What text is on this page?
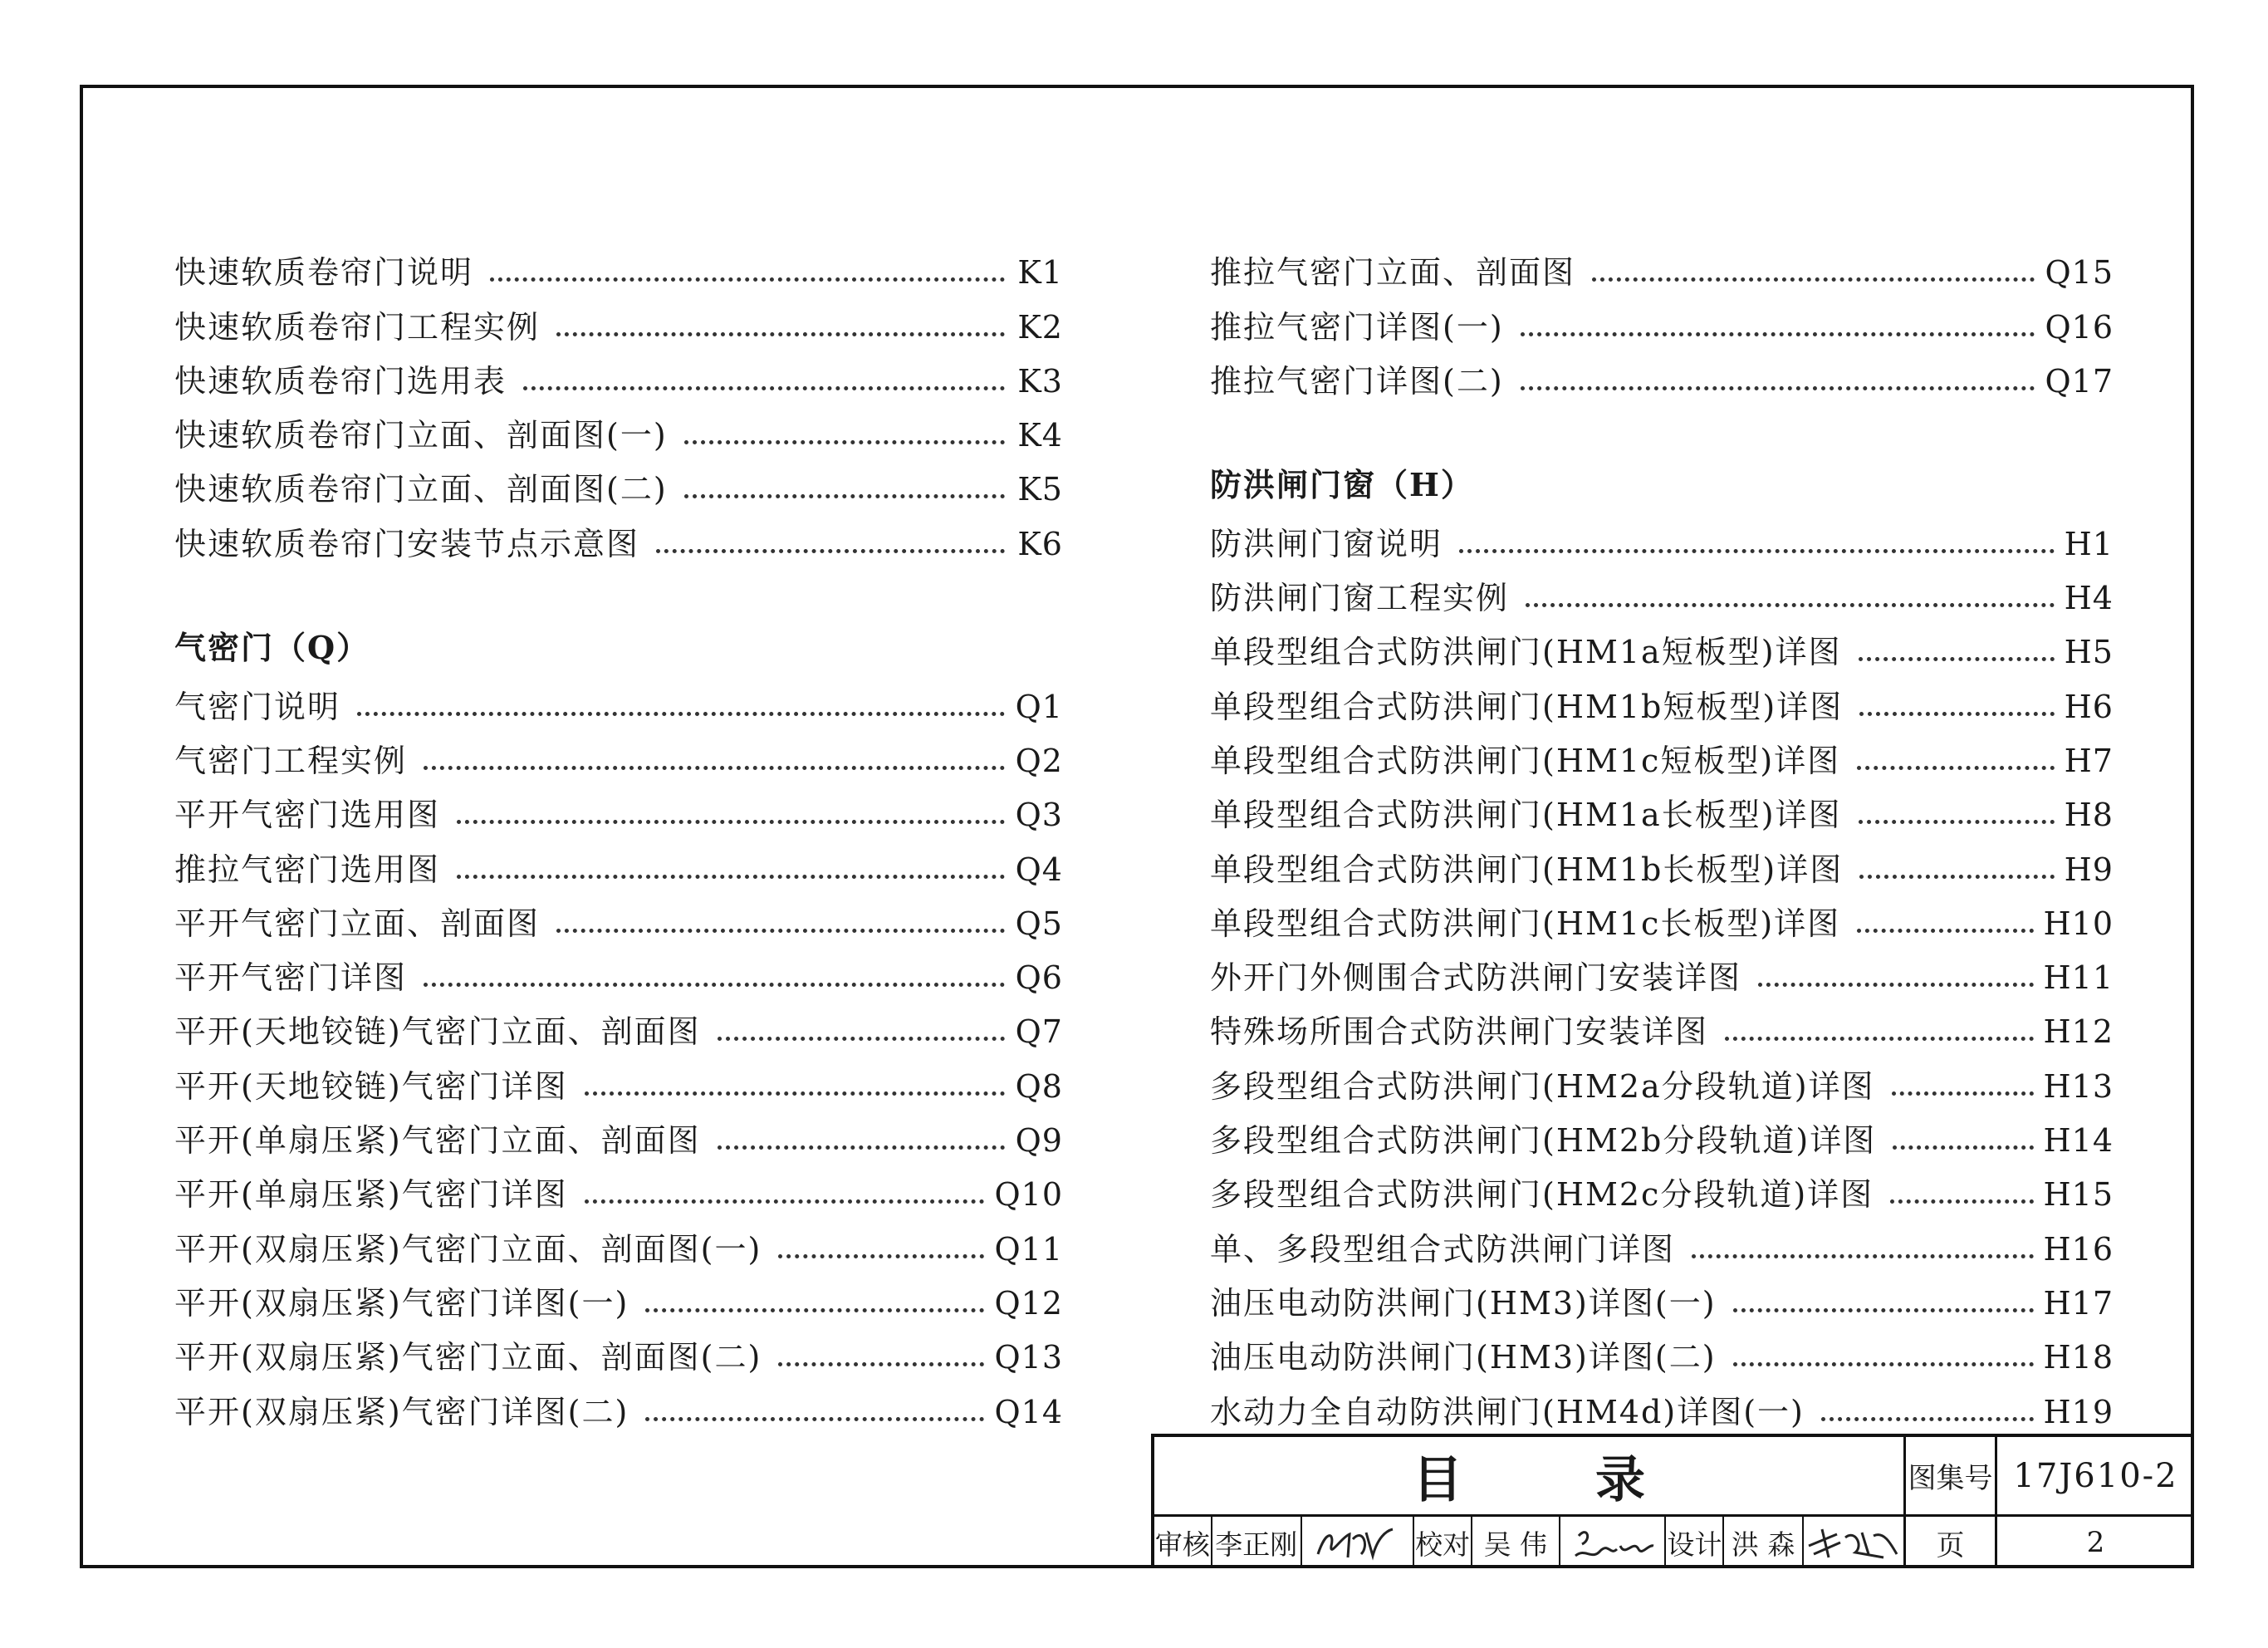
快速软质卷帘门说明	K1
快速软质卷帘门工程实例	K2
快速软质卷帘门选用表	K3
快速软质卷帘门立面、剖面图(一)	K4
快速软质卷帘门立面、剖面图(二)	K5
快速软质卷帘门安装节点示意图	K6
气密门（Q）
气密门说明	Q1
气密门工程实例	Q2
平开气密门选用图	Q3
推拉气密门选用图	Q4
平开气密门立面、剖面图	Q5
平开气密门详图	Q6
平开(天地铰链)气密门立面、剖面图	Q7
平开(天地铰链)气密门详图	Q8
平开(单扇压紧)气密门立面、剖面图	Q9
平开(单扇压紧)气密门详图	Q10
平开(双扇压紧)气密门立面、剖面图(一)	Q11
平开(双扇压紧)气密门详图(一)	Q12
平开(双扇压紧)气密门立面、剖面图(二)	Q13
平开(双扇压紧)气密门详图(二)	Q14
推拉气密门立面、剖面图	Q15
推拉气密门详图(一)	Q16
推拉气密门详图(二)	Q17
防洪闸门窗（H）
防洪闸门窗说明	H1
防洪闸门窗工程实例	H4
单段型组合式防洪闸门(HM1a短板型)详图	H5
单段型组合式防洪闸门(HM1b短板型)详图	H6
单段型组合式防洪闸门(HM1c短板型)详图	H7
单段型组合式防洪闸门(HM1a长板型)详图	H8
单段型组合式防洪闸门(HM1b长板型)详图	H9
单段型组合式防洪闸门(HM1c长板型)详图	H10
外开门外侧围合式防洪闸门安装详图	H11
特殊场所围合式防洪闸门安装详图	H12
多段型组合式防洪闸门(HM2a分段轨道)详图	H13
多段型组合式防洪闸门(HM2b分段轨道)详图	H14
多段型组合式防洪闸门(HM2c分段轨道)详图	H15
单、多段型组合式防洪闸门详图	H16
油压电动防洪闸门(HM3)详图(一)	H17
油压电动防洪闸门(HM3)详图(二)	H18
水动力全自动防洪闸门(HM4d)详图(一)	H19
目录	图集号 17J610-2
审核 李正刚	校对 吴 伟	设计 洪 森	页	2
